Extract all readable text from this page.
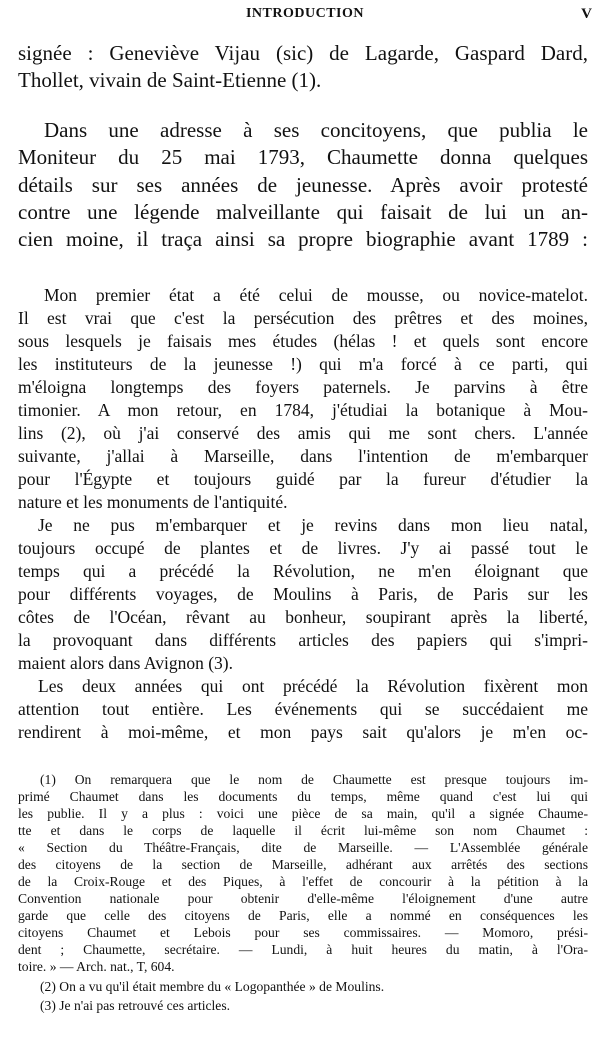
INTRODUCTION	V

signée : Geneviève Vijau (sic) de Lagarde, Gaspard Dard,

Thollet, vivain de Saint-Etienne (1).

Dans une adresse à ses concitoyens, que publia le

Moniteur du 25 mai 1793, Chaumette donna quelques

détails sur ses années de jeunesse. Après avoir protesté

contre une légende malveillante qui faisait de lui un an-

cien moine, il traça ainsi sa propre biographie avant 1789 :

Mon premier état a été celui de mousse, ou novice-matelot.

Il est vrai que c'est la persécution des prêtres et des moines,

sous lesquels je faisais mes études (hélas ! et quels sont encore

les instituteurs de la jeunesse !) qui m'a forcé à ce parti, qui

m'éloigna longtemps des foyers paternels. Je parvins à être

timonier. A mon retour, en 1784, j'étudiai la botanique à Mou-

lins (2), où j'ai conservé des amis qui me sont chers. L'année

suivante, j'allai à Marseille, dans l'intention de m'embarquer

pour l'Égypte et toujours guidé par la fureur d'étudier la

nature et les monuments de l'antiquité.

Je ne pus m'embarquer et je revins dans mon lieu natal,

toujours occupé de plantes et de livres. J'y ai passé tout le

temps qui a précédé la Révolution, ne m'en éloignant que

pour différents voyages, de Moulins à Paris, de Paris sur les

côtes de l'Océan, rêvant au bonheur, soupirant après la liberté,

la provoquant dans différents articles des papiers qui s'impri-

maient alors dans Avignon (3).

Les deux années qui ont précédé la Révolution fixèrent mon

attention tout entière. Les événements qui se succédaient me

rendirent à moi-même, et mon pays sait qu'alors je m'en oc-

(1) On remarquera que le nom de Chaumette est presque toujours im-

primé Chaumet dans les documents du temps, même quand c'est lui qui

les publie. Il y a plus : voici une pièce de sa main, qu'il a signée Chaume-

tte et dans le corps de laquelle il écrit lui-même son nom Chaumet :

« Section du Théâtre-Français, dite de Marseille. — L'Assemblée générale

des citoyens de la section de Marseille, adhérant aux arrêtés des sections

de la Croix-Rouge et des Piques, à l'effet de concourir à la pétition à la

Convention nationale pour obtenir d'elle-même l'éloignement d'une autre

garde que celle des citoyens de Paris, elle a nommé en conséquences les

citoyens Chaumet et Lebois pour ses commissaires. — Momoro, prési-

dent ; Chaumette, secrétaire. — Lundi, à huit heures du matin, à l'Ora-

toire. » — Arch. nat., T, 604.

(2) On a vu qu'il était membre du « Logopanthée » de Moulins.

(3) Je n'ai pas retrouvé ces articles.
